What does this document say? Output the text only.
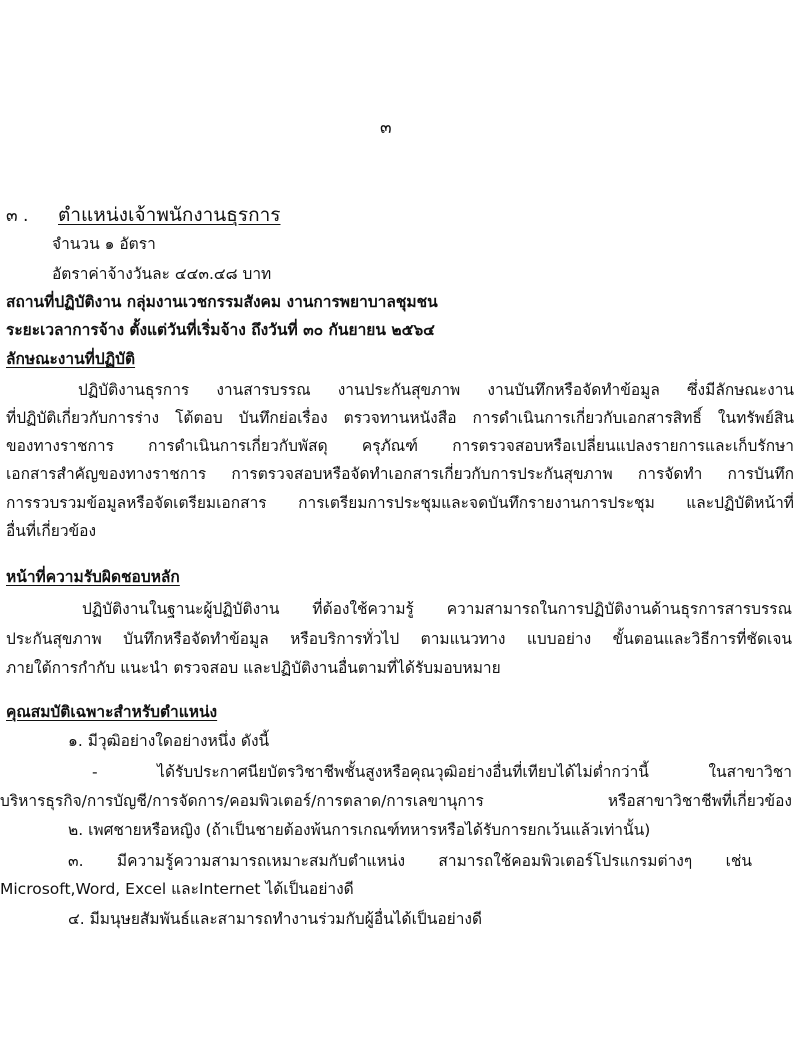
๓
๓ . ตำแหน่งเจ้าพนักงานธุรการ
จำนวน ๑ อัตรา
อัตราค่าจ้างวันละ ๔๔๓.๔๘ บาท
สถานที่ปฏิบัติงาน กลุ่มงานเวชกรรมสังคม งานการพยาบาลชุมชน
ระยะเวลาการจ้าง ตั้งแต่วันที่เริ่มจ้าง ถึงวันที่ ๓๐ กันยายน ๒๕๖๔
ลักษณะงานที่ปฏิบัติ
ปฏิบัติงานธุรการ งานสารบรรณ งานประกันสุขภาพ งานบันทึกหรือจัดทำข้อมูล ซึ่งมีลักษณะงาน
ที่ปฏิบัติเกี่ยวกับการร่าง โต้ตอบ บันทึกย่อเรื่อง ตรวจทานหนังสือ การดำเนินการเกี่ยวกับเอกสารสิทธิ์ ในทรัพย์สิน
ของทางราชการ การดำเนินการเกี่ยวกับพัสดุ ครุภัณฑ์ การตรวจสอบหรือเปลี่ยนแปลงรายการและเก็บรักษา
เอกสารสำคัญของทางราชการ การตรวจสอบหรือจัดทำเอกสารเกี่ยวกับการประกันสุขภาพ การจัดทำ การบันทึก
การรวบรวมข้อมูลหรือจัดเตรียมเอกสาร การเตรียมการประชุมและจดบันทึกรายงานการประชุม และปฏิบัติหน้าที่
อื่นที่เกี่ยวข้อง
หน้าที่ความรับผิดชอบหลัก
ปฏิบัติงานในฐานะผู้ปฏิบัติงาน ที่ต้องใช้ความรู้ ความสามารถในการปฏิบัติงานด้านธุรการสารบรรณ
ประกันสุขภาพ บันทึกหรือจัดทำข้อมูล หรือบริการทั่วไป ตามแนวทาง แบบอย่าง ขั้นตอนและวิธีการที่ชัดเจน
ภายใต้การกำกับ แนะนำ ตรวจสอบ และปฏิบัติงานอื่นตามที่ได้รับมอบหมาย
คุณสมบัติเฉพาะสำหรับตำแหน่ง
๑. มีวุฒิอย่างใดอย่างหนึ่ง ดังนี้
- ได้รับประกาศนียบัตรวิชาชีพชั้นสูงหรือคุณวุฒิอย่างอื่นที่เทียบได้ไม่ต่ำกว่านี้ ในสาขาวิชา
บริหารธุรกิจ/การบัญชี/การจัดการ/คอมพิวเตอร์/การตลาด/การเลขานุการ หรือสาขาวิชาชีพที่เกี่ยวข้อง
๒. เพศชายหรือหญิง (ถ้าเป็นชายต้องพ้นการเกณฑ์ทหารหรือได้รับการยกเว้นแล้วเท่านั้น)
๓. มีความรู้ความสามารถเหมาะสมกับตำแหน่ง สามารถใช้คอมพิวเตอร์โปรแกรมต่างๆ เช่น
Microsoft,Word, Excel และInternet ได้เป็นอย่างดี
๔. มีมนุษยสัมพันธ์และสามารถทำงานร่วมกับผู้อื่นได้เป็นอย่างดี
